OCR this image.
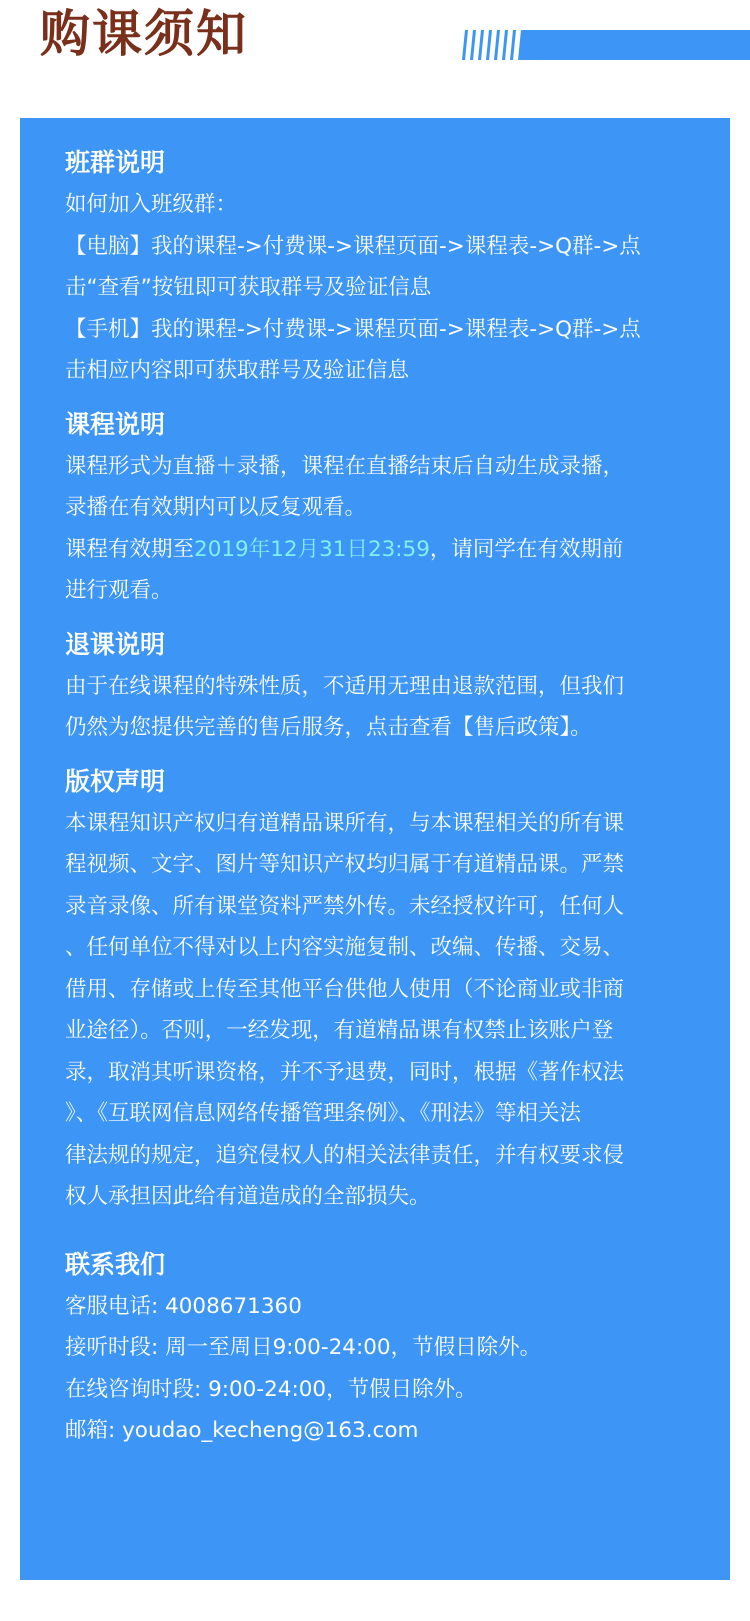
购课须知
班群说明

如何加入班级群：

【电脑】我的课程->付费课->课程页面->课程表->Q群->点

击“查看”按钮即可获取群号及验证信息

【手机】我的课程->付费课->课程页面->课程表->Q群->点

击相应内容即可获取群号及验证信息

课程说明

课程形式为直播＋录播，课程在直播结束后自动生成录播，

录播在有效期内可以反复观看。

课程有效期至2019年12月31日23:59，请同学在有效期前

进行观看。

退课说明

由于在线课程的特殊性质，不适用无理由退款范围，但我们

仍然为您提供完善的售后服务，点击查看【售后政策】。

版权声明

本课程知识产权归有道精品课所有，与本课程相关的所有课

程视频、文字、图片等知识产权均归属于有道精品课。严禁

录音录像、所有课堂资料严禁外传。未经授权许可，任何人

、任何单位不得对以上内容实施复制、改编、传播、交易、

借用、存储或上传至其他平台供他人使用（不论商业或非商

业途径）。否则，一经发现，有道精品课有权禁止该账户登

录，取消其听课资格，并不予退费，同时，根据《著作权法

》、《互联网信息网络传播管理条例》、《刑法》等相关法

律法规的规定，追究侵权人的相关法律责任，并有权要求侵

权人承担因此给有道造成的全部损失。

联系我们

客服电话: 4008671360

接听时段: 周一至周日9:00-24:00，节假日除外。

在线咨询时段: 9:00-24:00，节假日除外。

邮箱: youdao_kecheng@163.com
